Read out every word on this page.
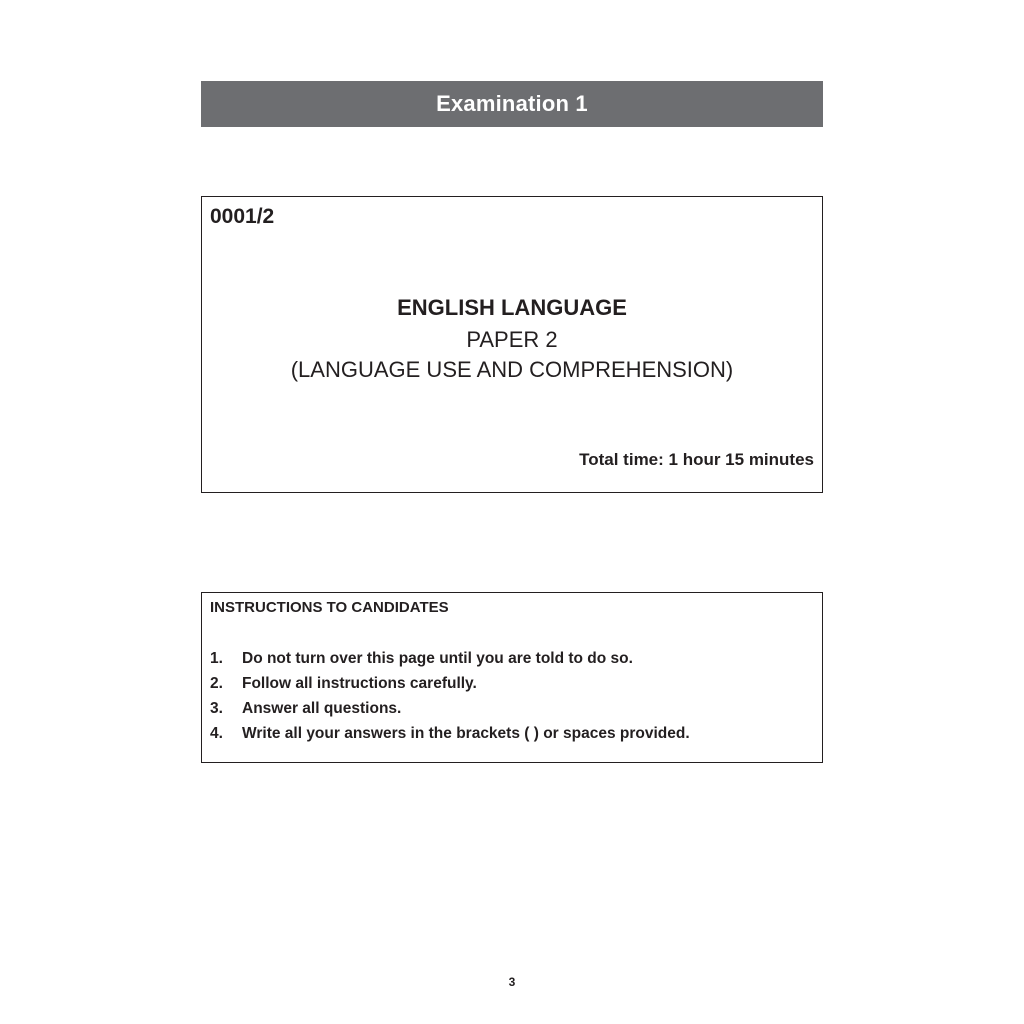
Examination 1
0001/2
ENGLISH LANGUAGE
PAPER 2
(LANGUAGE USE AND COMPREHENSION)
Total time: 1 hour 15 minutes
INSTRUCTIONS TO CANDIDATES
1.	Do not turn over this page until you are told to do so.
2.	Follow all instructions carefully.
3.	Answer all questions.
4.	Write all your answers in the brackets ( ) or spaces provided.
3
